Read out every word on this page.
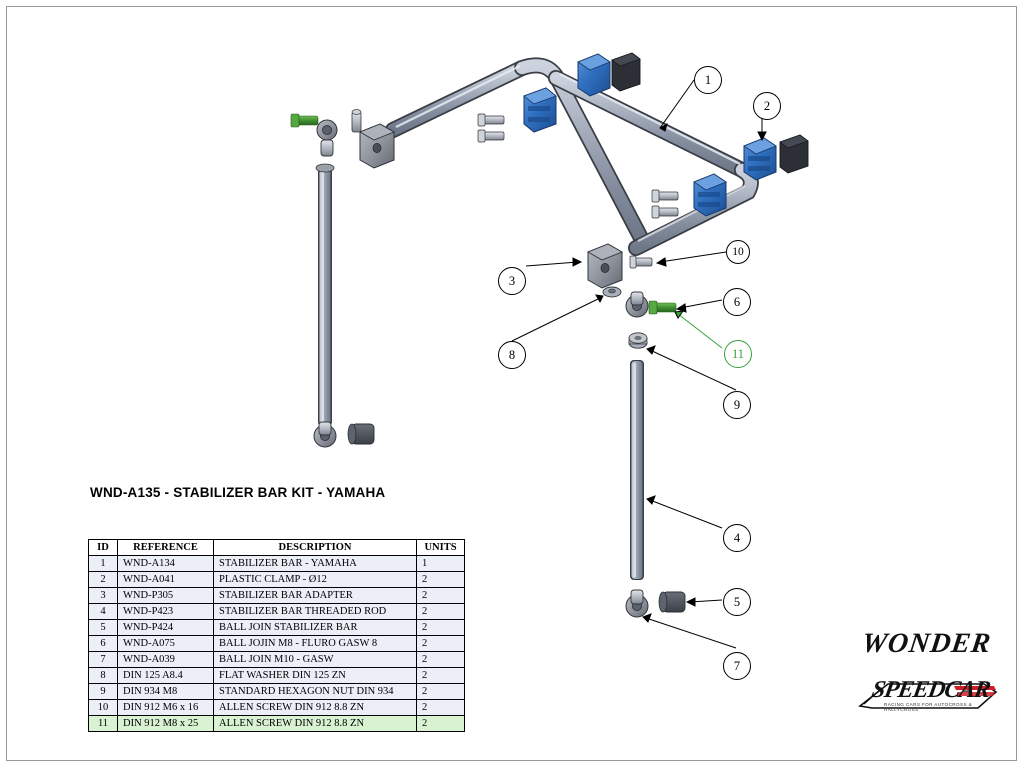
1
2
3
4
5
6
7
8
9
10
11
WND-A135 - STABILIZER BAR KIT - YAMAHA
ID	REFERENCE	DESCRIPTION	UNITS
1	WND-A134	STABILIZER BAR - YAMAHA	1
2	WND-A041	PLASTIC CLAMP - Ø12	2
3	WND-P305	STABILIZER BAR ADAPTER	2
4	WND-P423	STABILIZER BAR THREADED ROD	2
5	WND-P424	BALL JOIN STABILIZER BAR	2
6	WND-A075	BALL JOJIN M8 - FLURO GASW 8	2
7	WND-A039	BALL JOIN M10 - GASW	2
8	DIN 125 A8.4	FLAT WASHER DIN 125 ZN	2
9	DIN 934 M8	STANDARD HEXAGON NUT DIN 934	2
10	DIN 912 M6 x 16	ALLEN SCREW DIN 912 8.8 ZN	2
11	DIN 912 M8 x 25	ALLEN SCREW DIN 912 8.8 ZN	2
WONDER
SPEEDCAR
RACING CARS FOR AUTOCROSS & RALLYCROSS
